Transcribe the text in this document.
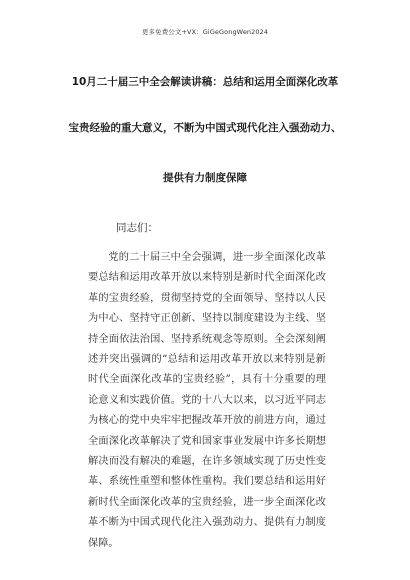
更多免费公文+VX：GiGeGongWen2024
10月二十届三中全会解读讲稿：总结和运用全面深化改革
宝贵经验的重大意义，不断为中国式现代化注入强劲动力、
提供有力制度保障
同志们：

党的二十届三中全会强调，进一步全面深化改革要总结和运用改革开放以来特别是新时代全面深化改革的宝贵经验，贯彻坚持党的全面领导、坚持以人民为中心、坚持守正创新、坚持以制度建设为主线、坚持全面依法治国、坚持系统观念等原则。全会深刻阐述并突出强调的“总结和运用改革开放以来特别是新时代全面深化改革的宝贵经验”，具有十分重要的理论意义和实践价值。党的十八大以来，以习近平同志为核心的党中央牢牢把握改革开放的前进方向，通过全面深化改革解决了党和国家事业发展中许多长期想解决而没有解决的难题，在许多领域实现了历史性变革、系统性重塑和整体性重构。我们要总结和运用好新时代全面深化改革的宝贵经验，进一步全面深化改革不断为中国式现代化注入强劲动力、提供有力制度保障。
